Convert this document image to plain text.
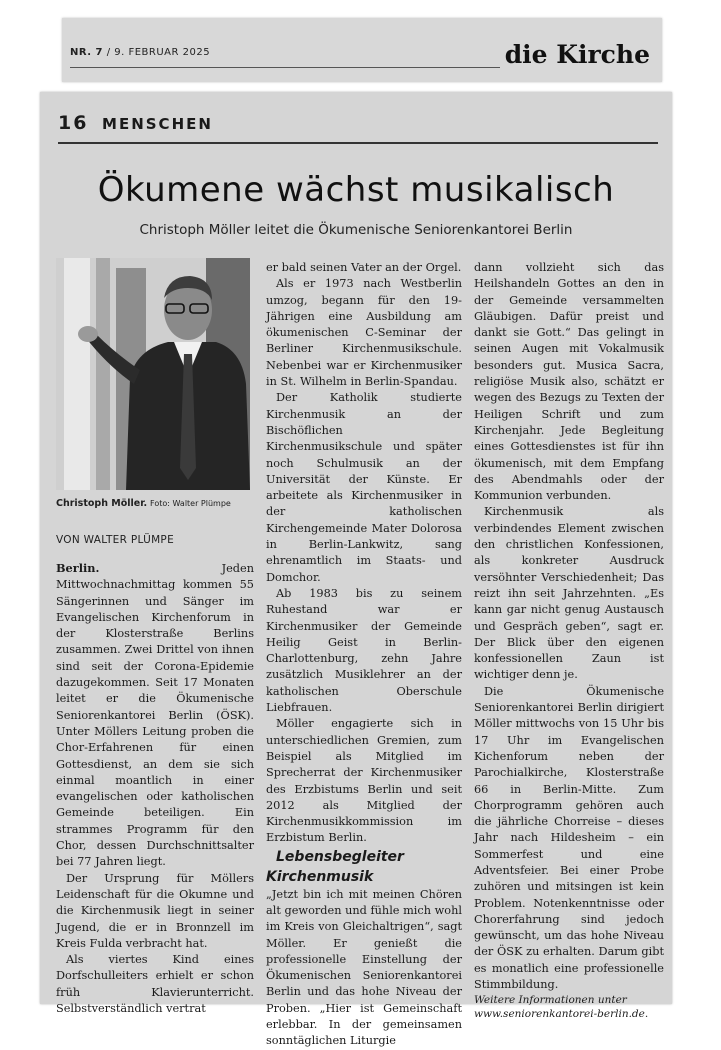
NR. 7 / 9. FEBRUAR 2025	die Kirche
16 MENSCHEN
Ökumene wächst musikalisch
Christoph Möller leitet die Ökumenische Seniorenkantorei Berlin
Christoph Möller. Foto: Walter Plümpe
VON WALTER PLÜMPE

Berlin.	Jeden Mittwochnachmittag kommen 55 Sängerinnen und Sänger im Evangelischen Kirchenforum in der Klosterstraße Berlins zusammen. Zwei Drittel von ihnen sind seit der Corona-Epidemie dazugekommen. Seit 17 Monaten leitet er die Ökumenische Seniorenkantorei Berlin (ÖSK). Unter Möllers Leitung proben die Chor-Erfahrenen für einen Gottesdienst, an dem sie sich einmal moantlich in einer evangelischen oder katholischen Gemeinde beteiligen. Ein strammes Programm für den Chor, dessen Durchschnittsalter bei 77 Jahren liegt.

Der Ursprung für Möllers Leidenschaft für die Okumne und die Kirchenmusik liegt in seiner Jugend, die er in Bronnzell im Kreis Fulda verbracht hat.

Als viertes Kind eines Dorfschulleiters erhielt er schon früh Klavierunterricht. Selbstverständlich vertrat

er bald seinen Vater an der Orgel.

Als er 1973 nach Westberlin umzog, begann für den 19-Jährigen eine Ausbildung am ökumenischen C-Seminar der Berliner Kirchenmusikschule. Nebenbei war er Kirchenmusiker in St. Wilhelm in Berlin-Spandau.

Der Katholik studierte Kirchenmusik an der Bischöflichen Kirchenmusikschule und später noch Schulmusik an der Universität der Künste. Er arbeitete als Kirchenmusiker in der katholischen Kirchengemeinde Mater Dolorosa in Berlin-Lankwitz, sang ehrenamtlich im Staats- und Domchor.

Ab 1983 bis zu seinem Ruhestand war er Kirchenmusiker der Gemeinde Heilig Geist in Berlin-Charlottenburg, zehn Jahre zusätzlich Musiklehrer an der katholischen Oberschule Liebfrauen.

Möller engagierte sich in unterschiedlichen Gremien, zum Beispiel als Mitglied im Sprecherrat der Kirchenmusiker des Erzbistums Berlin und seit 2012 als Mitglied der Kirchenmusikkommission im Erzbistum Berlin.

Lebensbegleiter Kirchenmusik

„Jetzt bin ich mit meinen Chören alt geworden und fühle mich wohl im Kreis von Gleichaltrigen“, sagt Möller. Er genießt die professionelle Einstellung der Ökumenischen Seniorenkantorei Berlin und das hohe Niveau der Proben. „Hier ist Gemeinschaft erlebbar. In der gemeinsamen sonntäglichen Liturgie

dann vollzieht sich das Heilshandeln Gottes an den in der Gemeinde versammelten Gläubigen. Dafür preist und dankt sie Gott.“ Das gelingt in seinen Augen mit Vokalmusik besonders gut. Musica Sacra, religiöse Musik also, schätzt er wegen des Bezugs zu Texten der Heiligen Schrift und zum Kirchenjahr. Jede Begleitung eines Gottesdienstes ist für ihn ökumenisch, mit dem Empfang des Abendmahls oder der Kommunion verbunden.

Kirchenmusik als verbindendes Element zwischen den christlichen Konfessionen, als konkreter Ausdruck versöhnter Verschiedenheit; Das reizt ihn seit Jahrzehnten. „Es kann gar nicht genug Austausch und Gespräch geben“, sagt er. Der Blick über den eigenen konfessionellen Zaun ist wichtiger denn je.

Die Ökumenische Seniorenkantorei Berlin dirigiert Möller mittwochs von 15 Uhr bis 17 Uhr im Evangelischen Kichenforum neben der Parochialkirche, Klosterstraße 66 in Berlin-Mitte. Zum Chorprogramm gehören auch die jährliche Chorreise – dieses Jahr nach Hildesheim – ein Sommerfest und eine Adventsfeier. Bei einer Probe zuhören und mitsingen ist kein Problem. Notenkenntnisse oder Chorerfahrung sind jedoch gewünscht, um das hohe Niveau der ÖSK zu erhalten. Darum gibt es monatlich eine professionelle Stimmbildung.

Weitere Informationen unter www.seniorenkantorei-berlin.de.
